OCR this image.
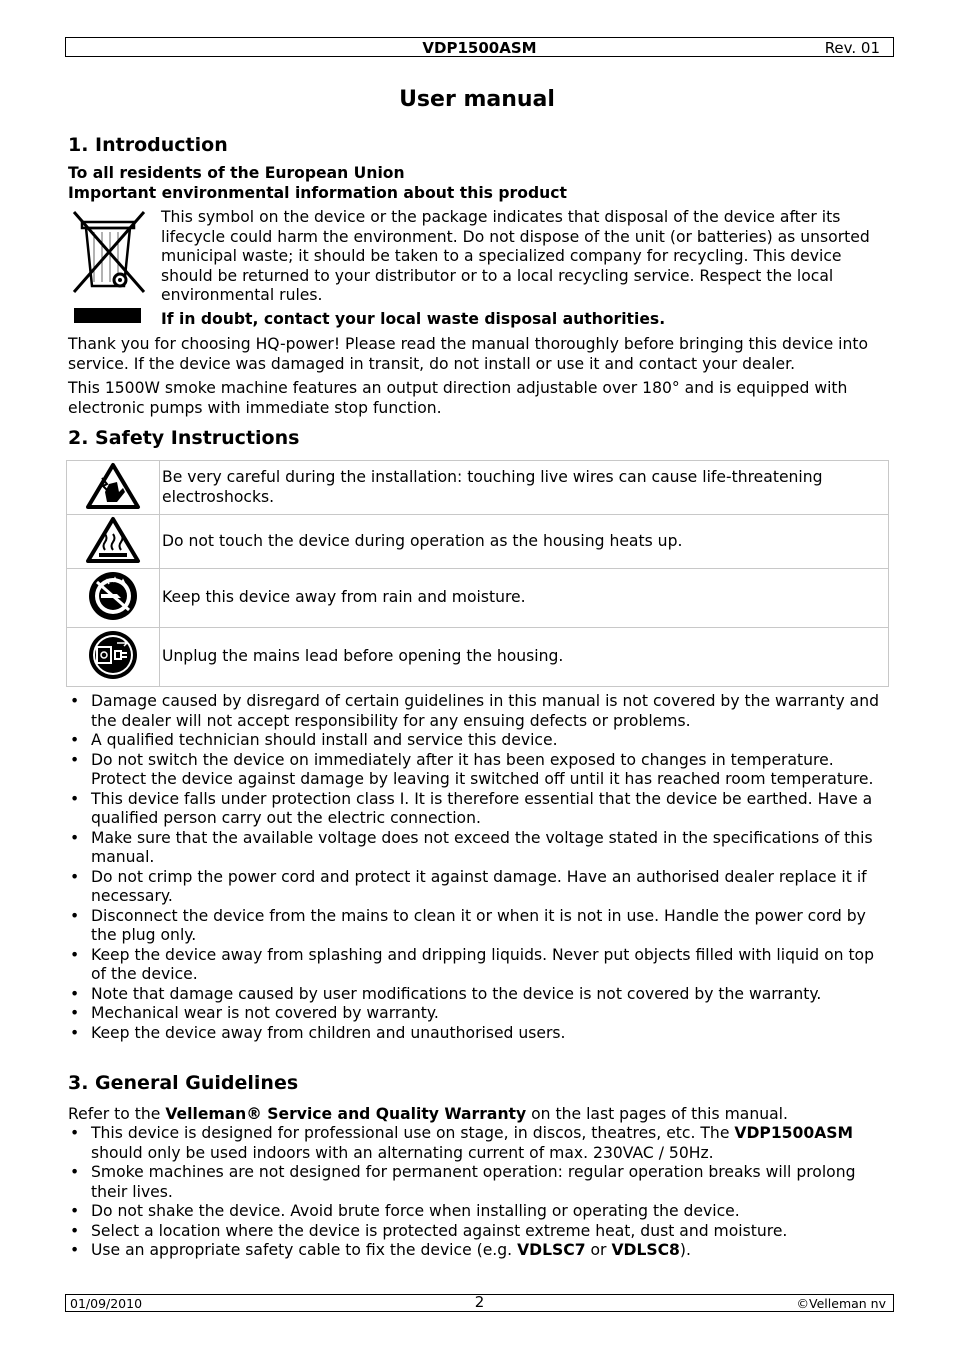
VDP1500ASM	Rev. 01
User manual
1. Introduction
To all residents of the European Union
Important environmental information about this product
This symbol on the device or the package indicates that disposal of the device after its lifecycle could harm the environment. Do not dispose of the unit (or batteries) as unsorted municipal waste; it should be taken to a specialized company for recycling. This device should be returned to your distributor or to a local recycling service. Respect the local environmental rules.
If in doubt, contact your local waste disposal authorities.
Thank you for choosing HQ-power! Please read the manual thoroughly before bringing this device into service. If the device was damaged in transit, do not install or use it and contact your dealer.
This 1500W smoke machine features an output direction adjustable over 180° and is equipped with electronic pumps with immediate stop function.
2. Safety Instructions
	Be very careful during the installation: touching live wires can cause life-threatening electroshocks.
	Do not touch the device during operation as the housing heats up.
	Keep this device away from rain and moisture.
	Unplug the mains lead before opening the housing.
• Damage caused by disregard of certain guidelines in this manual is not covered by the warranty and the dealer will not accept responsibility for any ensuing defects or problems.
• A qualified technician should install and service this device.
• Do not switch the device on immediately after it has been exposed to changes in temperature. Protect the device against damage by leaving it switched off until it has reached room temperature.
• This device falls under protection class I. It is therefore essential that the device be earthed. Have a qualified person carry out the electric connection.
• Make sure that the available voltage does not exceed the voltage stated in the specifications of this manual.
• Do not crimp the power cord and protect it against damage. Have an authorised dealer replace it if necessary.
• Disconnect the device from the mains to clean it or when it is not in use. Handle the power cord by the plug only.
• Keep the device away from splashing and dripping liquids. Never put objects filled with liquid on top of the device.
• Note that damage caused by user modifications to the device is not covered by the warranty.
• Mechanical wear is not covered by warranty.
• Keep the device away from children and unauthorised users.
3. General Guidelines
Refer to the Velleman® Service and Quality Warranty on the last pages of this manual.
• This device is designed for professional use on stage, in discos, theatres, etc. The VDP1500ASM should only be used indoors with an alternating current of max. 230VAC / 50Hz.
• Smoke machines are not designed for permanent operation: regular operation breaks will prolong their lives.
• Do not shake the device. Avoid brute force when installing or operating the device.
• Select a location where the device is protected against extreme heat, dust and moisture.
• Use an appropriate safety cable to fix the device (e.g. VDLSC7 or VDLSC8).
01/09/2010	2	©Velleman nv
